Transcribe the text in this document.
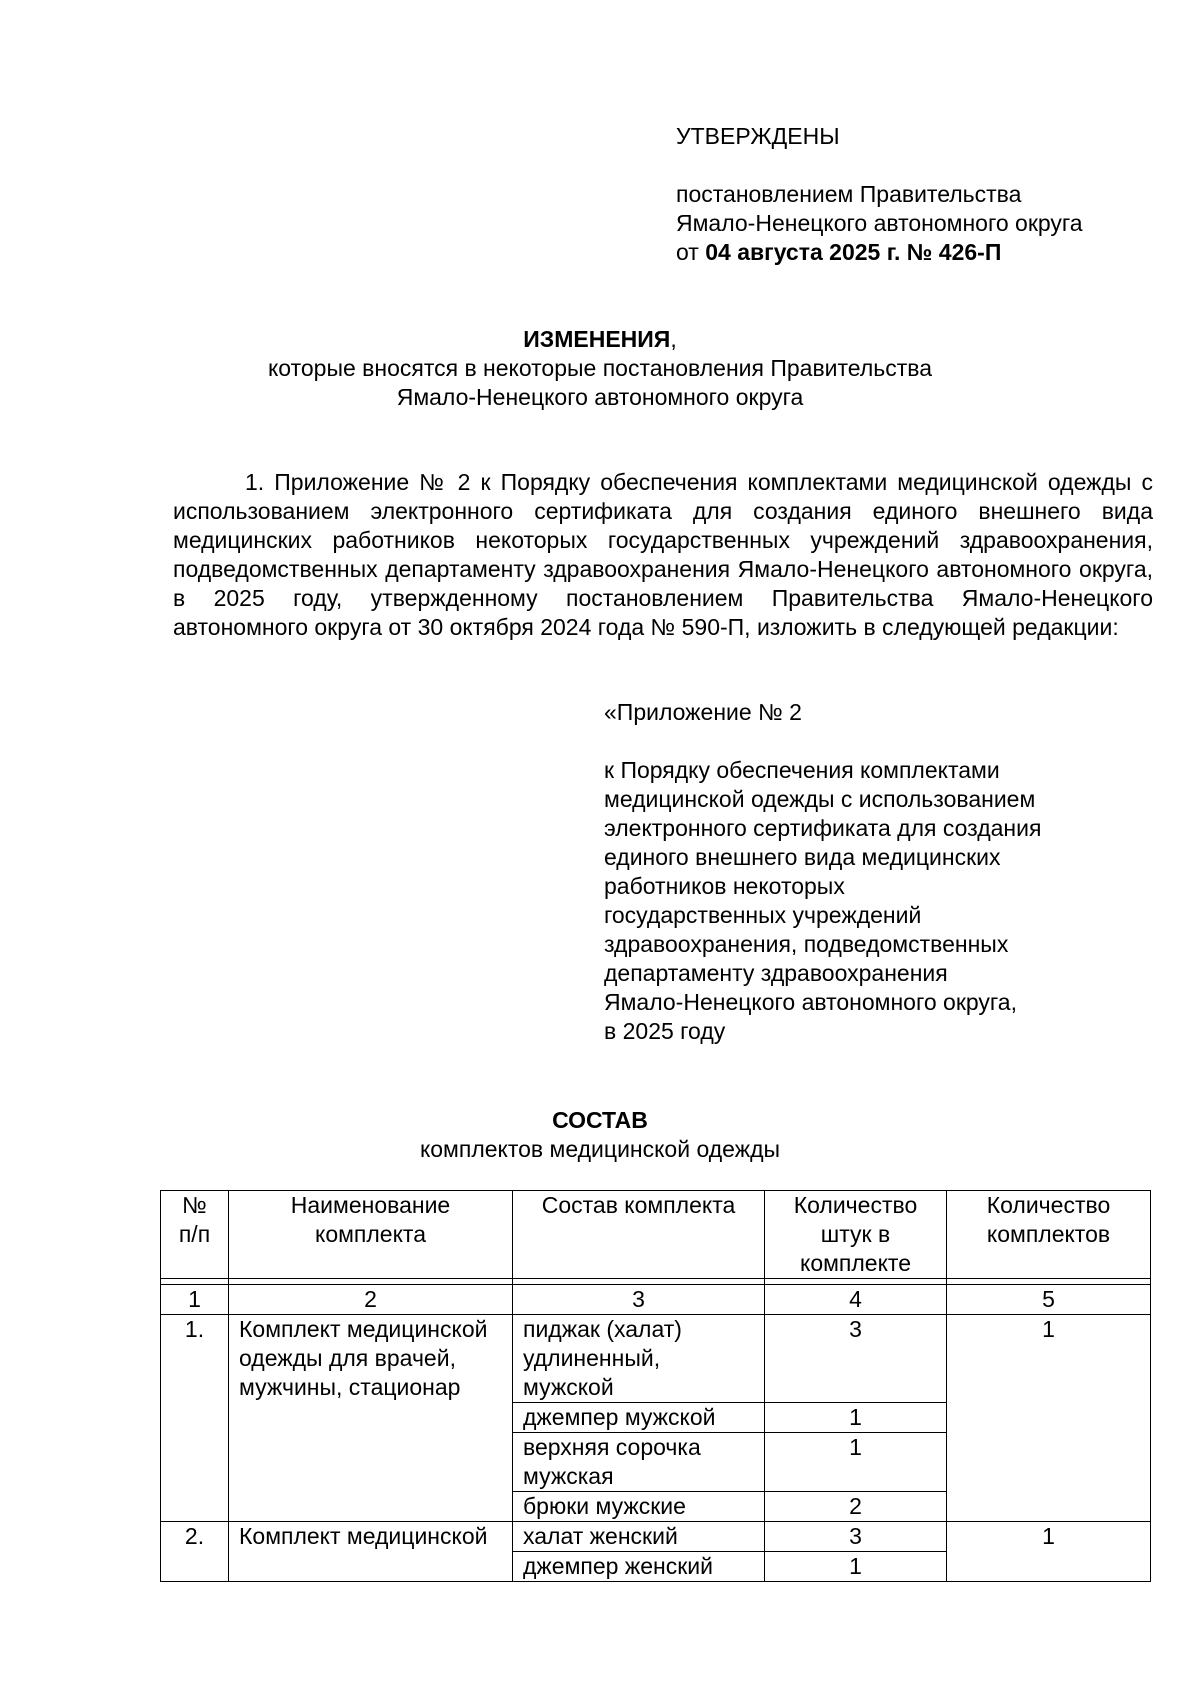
УТВЕРЖДЕНЫ
постановлением Правительства
Ямало-Ненецкого автономного округа
от 04 августа 2025 г. № 426-П
ИЗМЕНЕНИЯ,
которые вносятся в некоторые постановления Правительства
Ямало-Ненецкого автономного округа
1. Приложение № 2 к Порядку обеспечения комплектами медицинской одежды с использованием электронного сертификата для создания единого внешнего вида медицинских работников некоторых государственных учреждений здравоохранения, подведомственных департаменту здравоохранения Ямало-Ненецкого автономного округа, в 2025 году, утвержденному постановлением Правительства Ямало-Ненецкого автономного округа от 30 октября 2024 года № 590-П, изложить в следующей редакции:
«Приложение № 2
к Порядку обеспечения комплектами
медицинской одежды с использованием
электронного сертификата для создания
единого внешнего вида медицинских
работников некоторых
государственных учреждений
здравоохранения, подведомственных
департаменту здравоохранения
Ямало-Ненецкого автономного округа,
в 2025 году
СОСТАВ
комплектов медицинской одежды
№ п/п	Наименование комплекта	Состав комплекта	Количество штук в комплекте	Количество комплектов

1	2	3	4	5
1.	Комплект медицинской одежды для врачей, мужчины, стационар	пиджак (халат) удлиненный, мужской	3	1
		джемпер мужской	1	
		верхняя сорочка мужская	1	
		брюки мужские	2	
2.	Комплект медицинской	халат женский	3	1
		джемпер женский	1	
